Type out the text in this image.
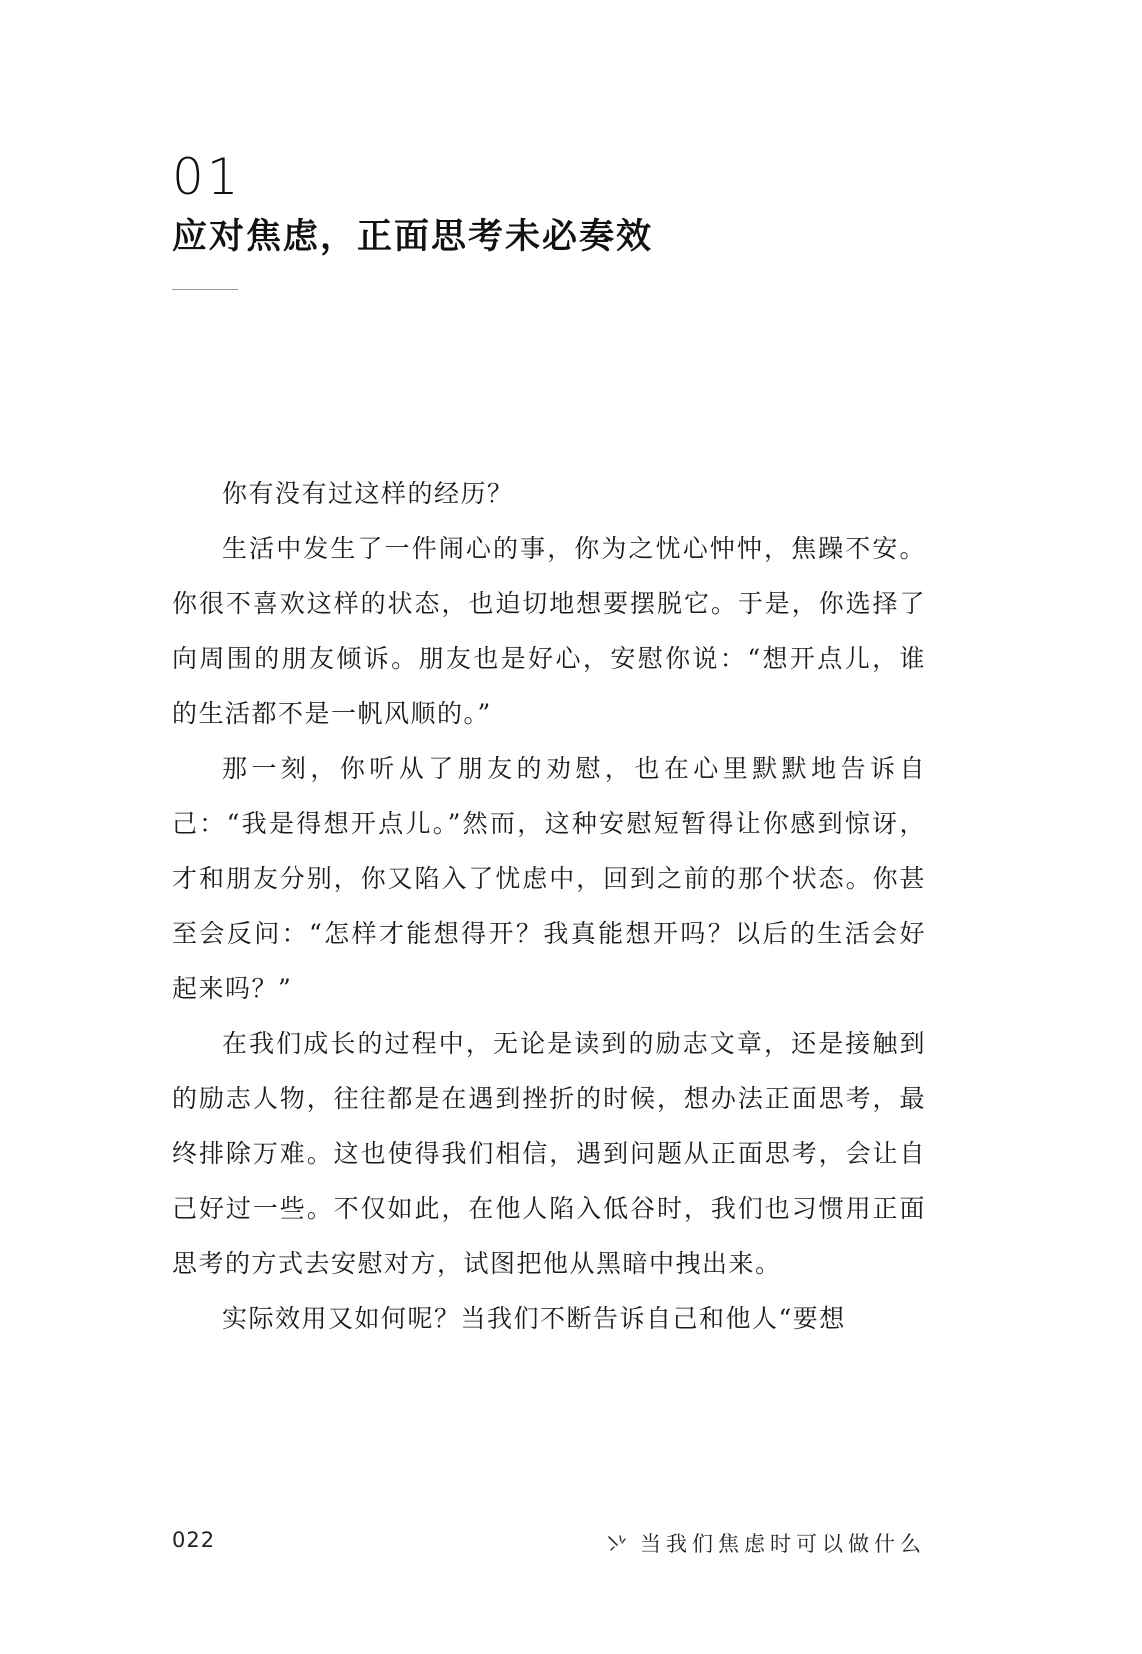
01
应对焦虑，正面思考未必奏效

你有没有过这样的经历？

生活中发生了一件闹心的事，你为之忧心忡忡，焦躁不安。你很不喜欢这样的状态，也迫切地想要摆脱它。于是，你选择了向周围的朋友倾诉。朋友也是好心，安慰你说：“想开点儿，谁的生活都不是一帆风顺的。”

那一刻，你听从了朋友的劝慰，也在心里默默地告诉自己：“我是得想开点儿。”然而，这种安慰短暂得让你感到惊讶，才和朋友分别，你又陷入了忧虑中，回到之前的那个状态。你甚至会反问：“怎样才能想得开？我真能想开吗？以后的生活会好起来吗？”

在我们成长的过程中，无论是读到的励志文章，还是接触到的励志人物，往往都是在遇到挫折的时候，想办法正面思考，最终排除万难。这也使得我们相信，遇到问题从正面思考，会让自己好过一些。不仅如此，在他人陷入低谷时，我们也习惯用正面思考的方式去安慰对方，试图把他从黑暗中拽出来。

实际效用又如何呢？当我们不断告诉自己和他人“要想

022	当我们焦虑时可以做什么
